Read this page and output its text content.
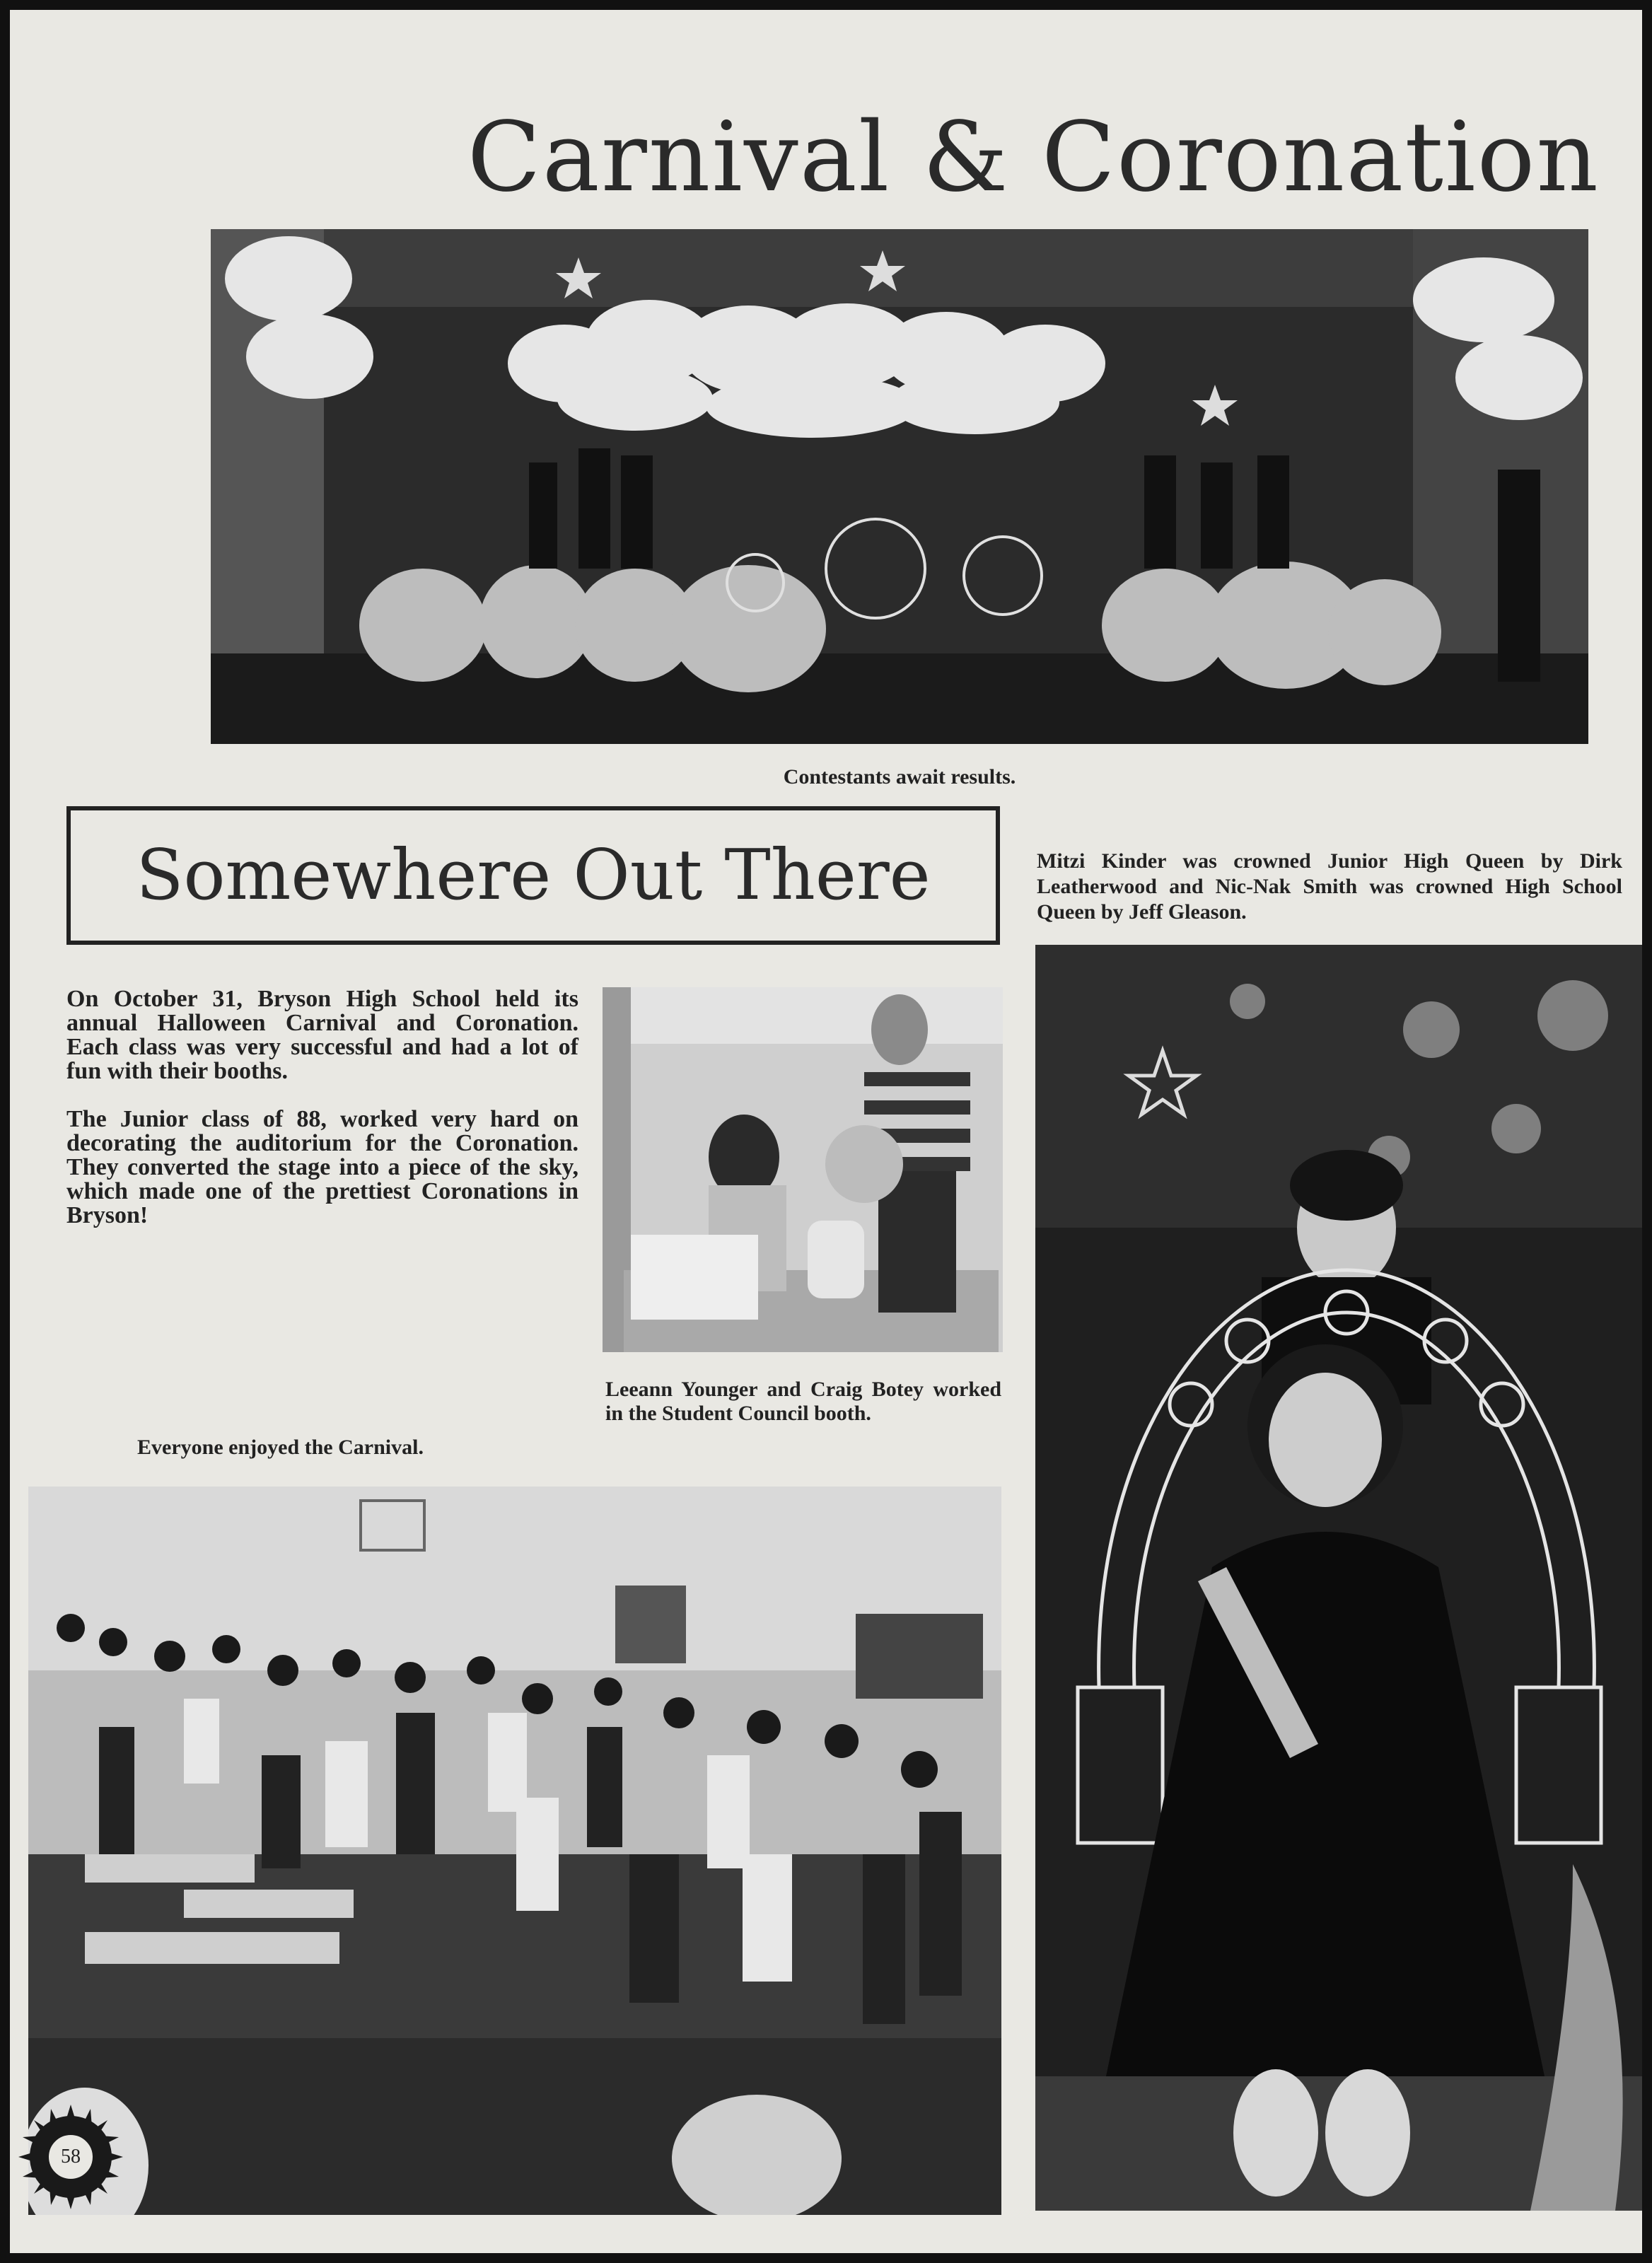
Carnival & Coronation
Contestants await results.
Somewhere Out There	Mitzi Kinder was crowned Junior High Queen by Dirk Leatherwood and Nic-Nak Smith was crowned High School Queen by Jeff Gleason.

On October 31, Bryson High School held its annual Halloween Carnival and Coronation. Each class was very successful and had a lot of fun with their booths.

The Junior class of 88, worked very hard on decorating the auditorium for the Coronation. They converted the stage into a piece of the sky, which made one of the prettiest Coronations in Bryson!

Leeann Younger and Craig Botey worked in the Student Council booth.
Everyone enjoyed the Carnival.
58
